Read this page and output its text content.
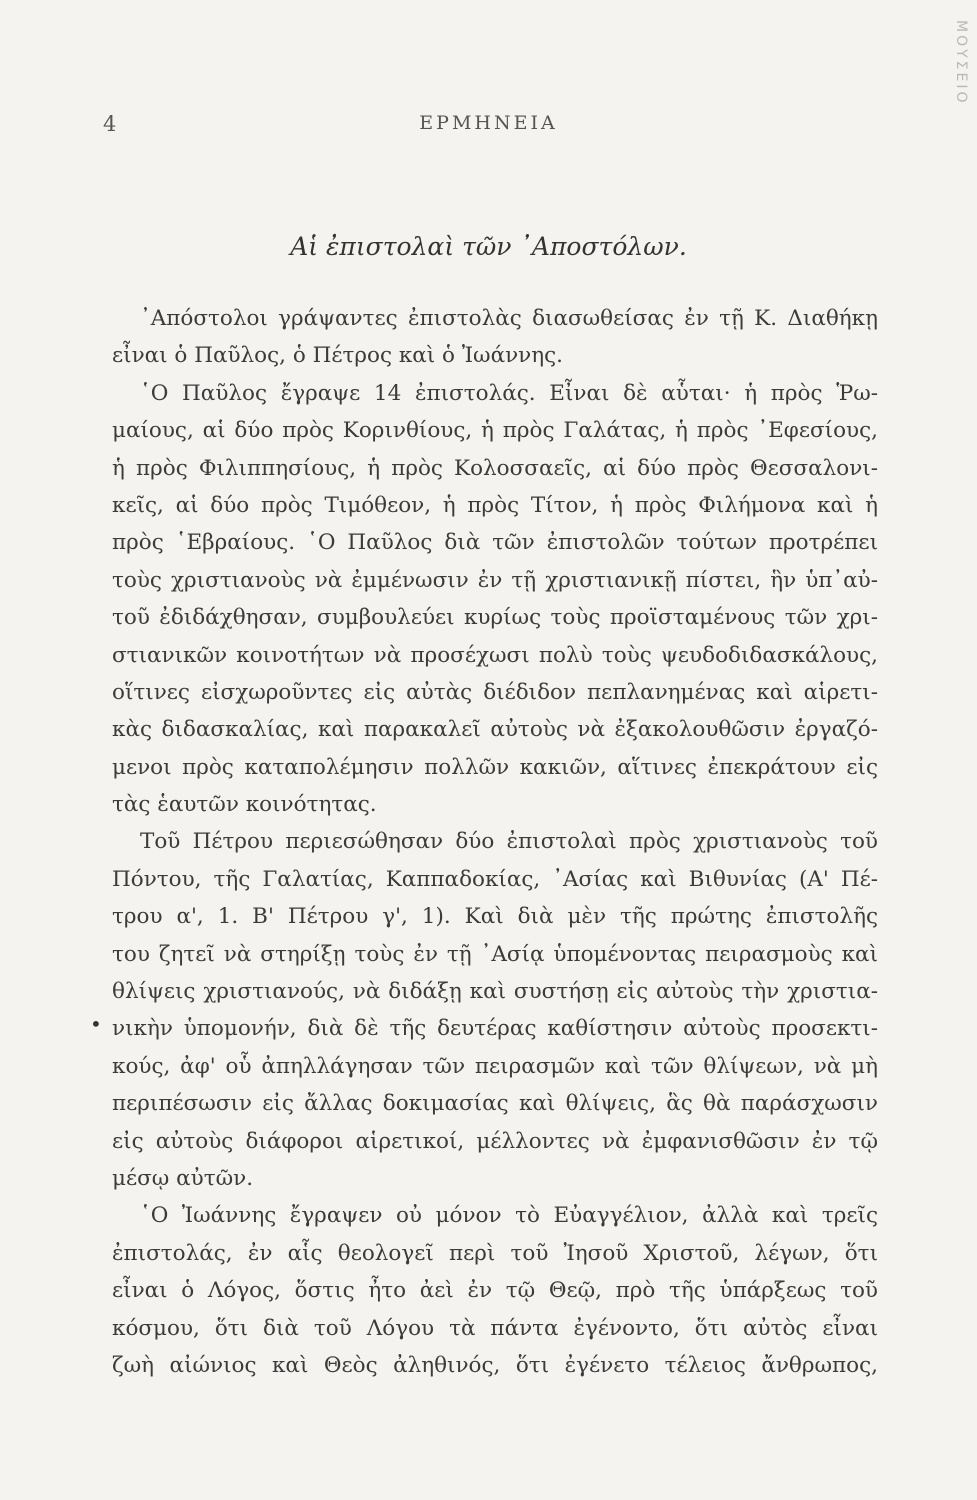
4	ΕΡΜΗΝΕΙΑ
Αἱ ἐπιστολαὶ τῶν ᾿Αποστόλων.
•
ΜΟΥΣΕΙΟ
᾿Απόστολοι γράψαντες ἐπιστολὰς διασωθείσας ἐν τῇ Κ. Διαθήκῃ
εἶναι ὁ Παῦλος, ὁ Πέτρος καὶ ὁ Ἰωάννης.
῾Ο Παῦλος ἔγραψε 14 ἐπιστολάς. Εἶναι δὲ αὗται· ἡ πρὸς Ῥω-
μαίους, αἱ δύο πρὸς Κορινθίους, ἡ πρὸς Γαλάτας, ἡ πρὸς ᾿Εφεσίους,
ἡ πρὸς Φιλιππησίους, ἡ πρὸς Κολοσσαεῖς, αἱ δύο πρὸς Θεσσαλονι-
κεῖς, αἱ δύο πρὸς Τιμόθεον, ἡ πρὸς Τίτον, ἡ πρὸς Φιλήμονα καὶ ἡ
πρὸς ῾Εβραίους. ῾Ο Παῦλος διὰ τῶν ἐπιστολῶν τούτων προτρέπει
τοὺς χριστιανοὺς νὰ ἐμμένωσιν ἐν τῇ χριστιανικῇ πίστει, ἣν ὑπ᾿αὐ-
τοῦ ἐδιδάχθησαν, συμβουλεύει κυρίως τοὺς προϊσταμένους τῶν χρι-
στιανικῶν κοινοτήτων νὰ προσέχωσι πολὺ τοὺς ψευδοδιδασκάλους,
οἵτινες εἰσχωροῦντες εἰς αὐτὰς διέδιδον πεπλανημένας καὶ αἱρετι-
κὰς διδασκαλίας, καὶ παρακαλεῖ αὐτοὺς νὰ ἐξακολουθῶσιν ἐργαζό-
μενοι πρὸς καταπολέμησιν πολλῶν κακιῶν, αἵτινες ἐπεκράτουν εἰς
τὰς ἑαυτῶν κοινότητας.
Τοῦ Πέτρου περιεσώθησαν δύο ἐπιστολαὶ πρὸς χριστιανοὺς τοῦ
Πόντου, τῆς Γαλατίας, Καππαδοκίας, ᾿Ασίας καὶ Βιθυνίας (Α' Πέ-
τρου α', 1. Β' Πέτρου γ', 1). Καὶ διὰ μὲν τῆς πρώτης ἐπιστολῆς
του ζητεῖ νὰ στηρίξῃ τοὺς ἐν τῇ ᾿Ασίᾳ ὑπομένοντας πειρασμοὺς καὶ
θλίψεις χριστιανούς, νὰ διδάξῃ καὶ συστήσῃ εἰς αὐτοὺς τὴν χριστια-
νικὴν ὑπομονήν, διὰ δὲ τῆς δευτέρας καθίστησιν αὐτοὺς προσεκτι-
κούς, ἀφ' οὗ ἀπηλλάγησαν τῶν πειρασμῶν καὶ τῶν θλίψεων, νὰ μὴ
περιπέσωσιν εἰς ἄλλας δοκιμασίας καὶ θλίψεις, ἃς θὰ παράσχωσιν
εἰς αὐτοὺς διάφοροι αἱρετικοί, μέλλοντες νὰ ἐμφανισθῶσιν ἐν τῷ
μέσῳ αὐτῶν.
῾Ο Ἰωάννης ἔγραψεν οὐ μόνον τὸ Εὐαγγέλιον, ἀλλὰ καὶ τρεῖς
ἐπιστολάς, ἐν αἷς θεολογεῖ περὶ τοῦ Ἰησοῦ Χριστοῦ, λέγων, ὅτι
εἶναι ὁ Λόγος, ὅστις ἦτο ἀεὶ ἐν τῷ Θεῷ, πρὸ τῆς ὑπάρξεως τοῦ
κόσμου, ὅτι διὰ τοῦ Λόγου τὰ πάντα ἐγένοντο, ὅτι αὐτὸς εἶναι
ζωὴ αἰώνιος καὶ Θεὸς ἀληθινός, ὅτι ἐγένετο τέλειος ἄνθρωπος,
